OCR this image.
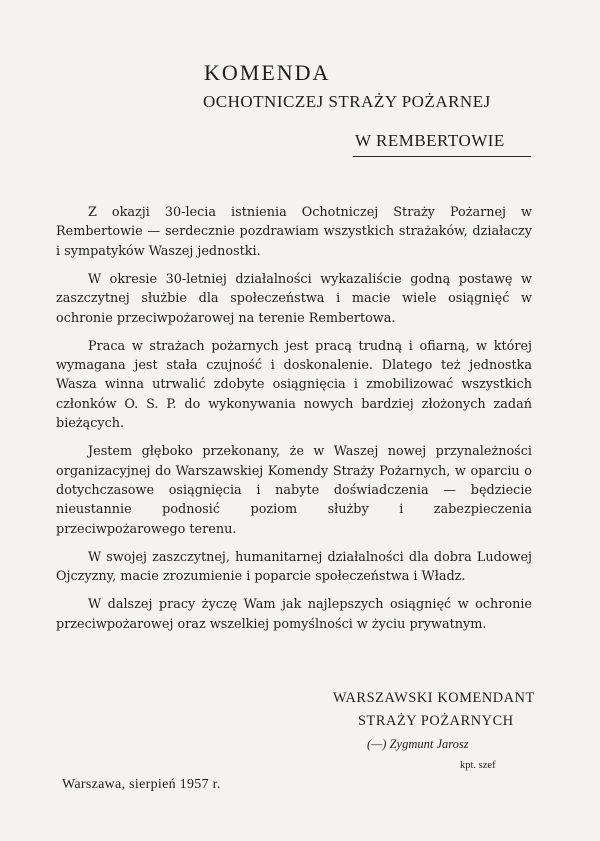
KOMENDA
OCHOTNICZEJ STRAŻY POŻARNEJ
W REMBERTOWIE

Z okazji 30-lecia istnienia Ochotniczej Straży Pożarnej w Rembertowie — serdecznie pozdrawiam wszystkich strażaków, działaczy i sympatyków Waszej jednostki.

W okresie 30-letniej działalności wykazaliście godną postawę w zaszczytnej służbie dla społeczeństwa i macie wiele osiągnięć w ochronie przeciwpożarowej na terenie Rembertowa.

Praca w strażach pożarnych jest pracą trudną i ofiarną, w której wymagana jest stała czujność i doskonalenie. Dlatego też jednostka Wasza winna utrwalić zdobyte osiągnięcia i zmobilizować wszystkich członków O. S. P. do wykonywania nowych bardziej złożonych zadań bieżących.

Jestem głęboko przekonany, że w Waszej nowej przynależności organizacyjnej do Warszawskiej Komendy Straży Pożarnych, w oparciu o dotychczasowe osiągnięcia i nabyte doświadczenia — będziecie nieustannie podnosić poziom służby i zabezpieczenia przeciwpożarowego terenu.

W swojej zaszczytnej, humanitarnej działalności dla dobra Ludowej Ojczyzny, macie zrozumienie i poparcie społeczeństwa i Władz.

W dalszej pracy życzę Wam jak najlepszych osiągnięć w ochronie przeciwpożarowej oraz wszelkiej pomyślności w życiu prywatnym.

WARSZAWSKI KOMENDANT
STRAŻY POŻARNYCH
(—) Zygmunt Jarosz
kpt. szef
Warszawa, sierpień 1957 r.
